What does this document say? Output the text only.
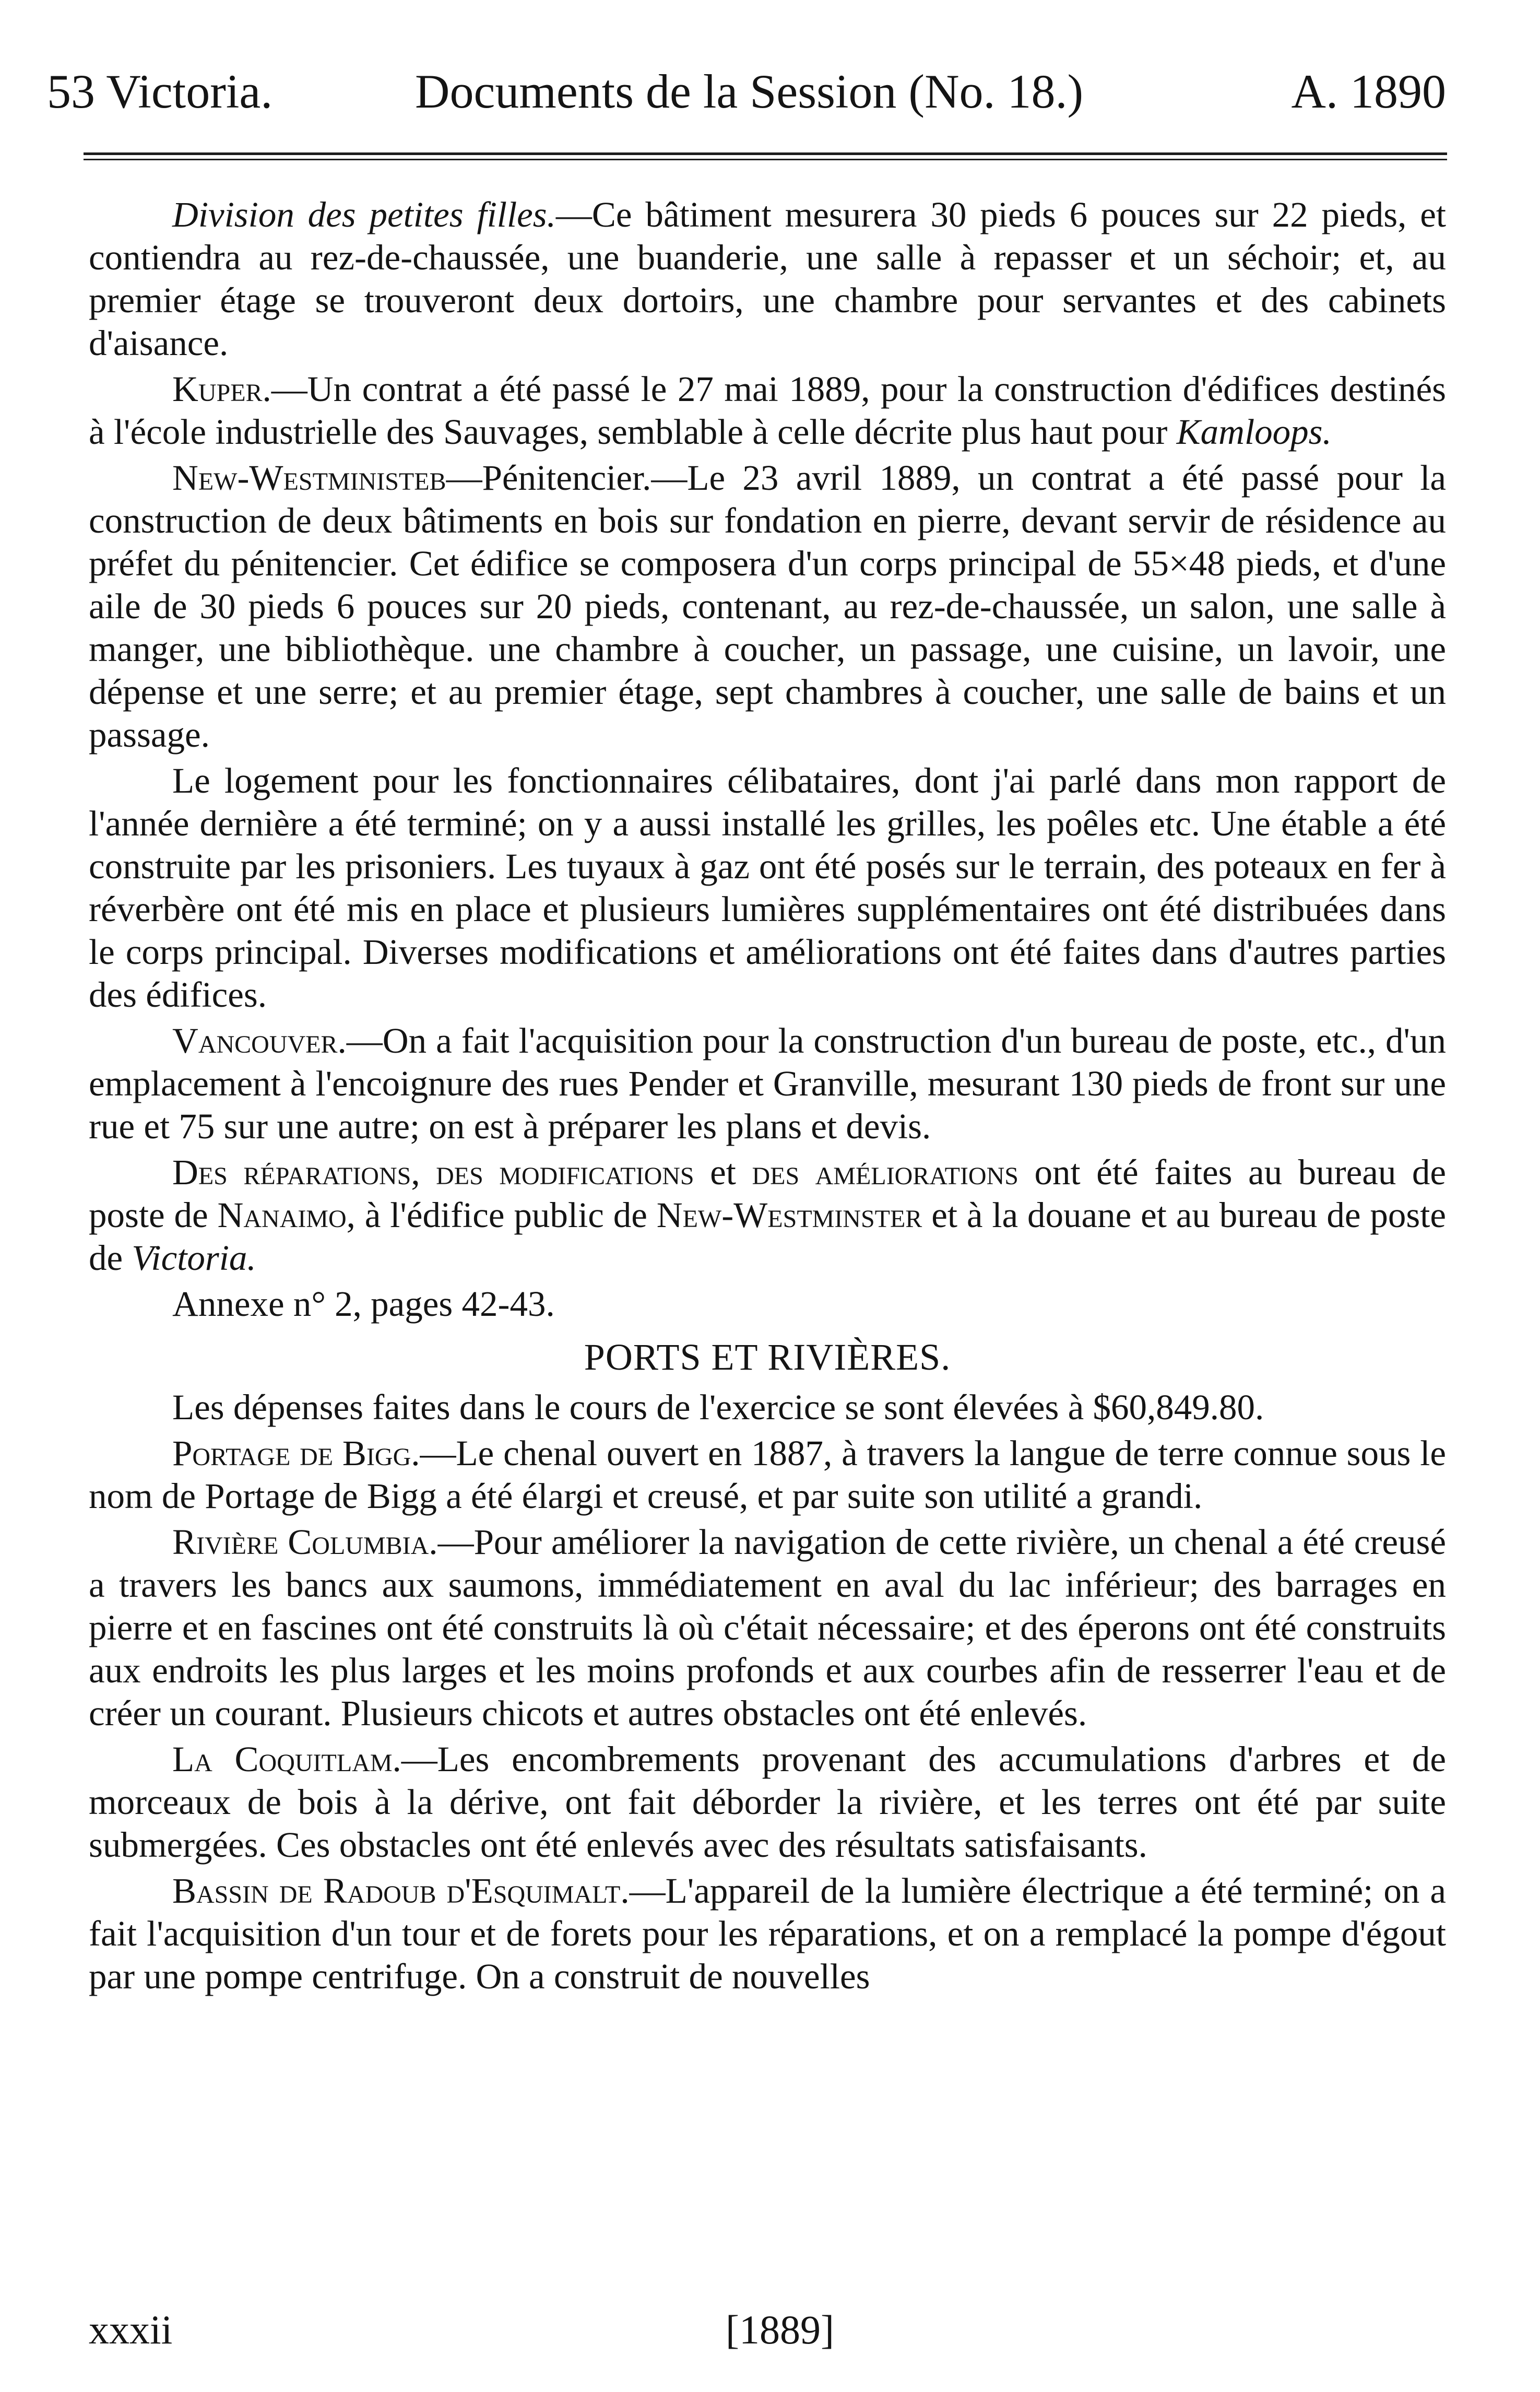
53 Victoria.	Documents de la Session (No. 18.)	A. 1890

Division des petites filles.—Ce bâtiment mesurera 30 pieds 6 pouces sur 22 pieds, et contiendra au rez-de-chaussée, une buanderie, une salle à repasser et un séchoir; et, au premier étage se trouveront deux dortoirs, une chambre pour servantes et des cabinets d'aisance.

Kuper.—Un contrat a été passé le 27 mai 1889, pour la construction d'édifices destinés à l'école industrielle des Sauvages, semblable à celle décrite plus haut pour Kamloops.

New-Westministeb—Pénitencier.—Le 23 avril 1889, un contrat a été passé pour la construction de deux bâtiments en bois sur fondation en pierre, devant servir de résidence au préfet du pénitencier. Cet édifice se composera d'un corps principal de 55×48 pieds, et d'une aile de 30 pieds 6 pouces sur 20 pieds, contenant, au rez-de-chaussée, un salon, une salle à manger, une bibliothèque. une chambre à coucher, un passage, une cuisine, un lavoir, une dépense et une serre; et au premier étage, sept chambres à coucher, une salle de bains et un passage.

Le logement pour les fonctionnaires célibataires, dont j'ai parlé dans mon rapport de l'année dernière a été terminé; on y a aussi installé les grilles, les poêles etc. Une étable a été construite par les prisoniers. Les tuyaux à gaz ont été posés sur le terrain, des poteaux en fer à réverbère ont été mis en place et plusieurs lumières supplémentaires ont été distribuées dans le corps principal. Diverses modifications et améliorations ont été faites dans d'autres parties des édifices.

Vancouver.—On a fait l'acquisition pour la construction d'un bureau de poste, etc., d'un emplacement à l'encoignure des rues Pender et Granville, mesurant 130 pieds de front sur une rue et 75 sur une autre; on est à préparer les plans et devis.

Des réparations, des modifications et des améliorations ont été faites au bureau de poste de Nanaimo, à l'édifice public de New-Westminster et à la douane et au bureau de poste de Victoria.

Annexe n° 2, pages 42-43.

PORTS ET RIVIÈRES.

Les dépenses faites dans le cours de l'exercice se sont élevées à $60,849.80.

Portage de Bigg.—Le chenal ouvert en 1887, à travers la langue de terre connue sous le nom de Portage de Bigg a été élargi et creusé, et par suite son utilité a grandi.

Rivière Columbia.—Pour améliorer la navigation de cette rivière, un chenal a été creusé a travers les bancs aux saumons, immédiatement en aval du lac inférieur; des barrages en pierre et en fascines ont été construits là où c'était nécessaire; et des éperons ont été construits aux endroits les plus larges et les moins profonds et aux courbes afin de resserrer l'eau et de créer un courant. Plusieurs chicots et autres obstacles ont été enlevés.

La Coquitlam.—Les encombrements provenant des accumulations d'arbres et de morceaux de bois à la dérive, ont fait déborder la rivière, et les terres ont été par suite submergées. Ces obstacles ont été enlevés avec des résultats satisfaisants.

Bassin de Radoub d'Esquimalt.—L'appareil de la lumière électrique a été terminé; on a fait l'acquisition d'un tour et de forets pour les réparations, et on a remplacé la pompe d'égout par une pompe centrifuge. On a construit de nouvelles

xxxii	[1889]
